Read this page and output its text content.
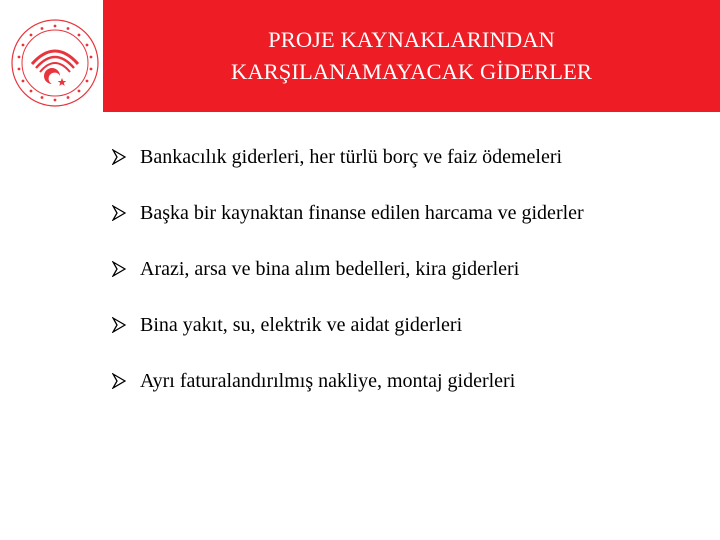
PROJE KAYNAKLARINDAN
KARŞILANAMAYACAK GİDERLER
Bankacılık giderleri, her türlü borç ve faiz ödemeleri
Başka bir kaynaktan finanse edilen harcama ve giderler
Arazi, arsa ve bina alım bedelleri, kira giderleri
Bina yakıt, su, elektrik ve aidat giderleri
Ayrı faturalandırılmış nakliye, montaj giderleri
